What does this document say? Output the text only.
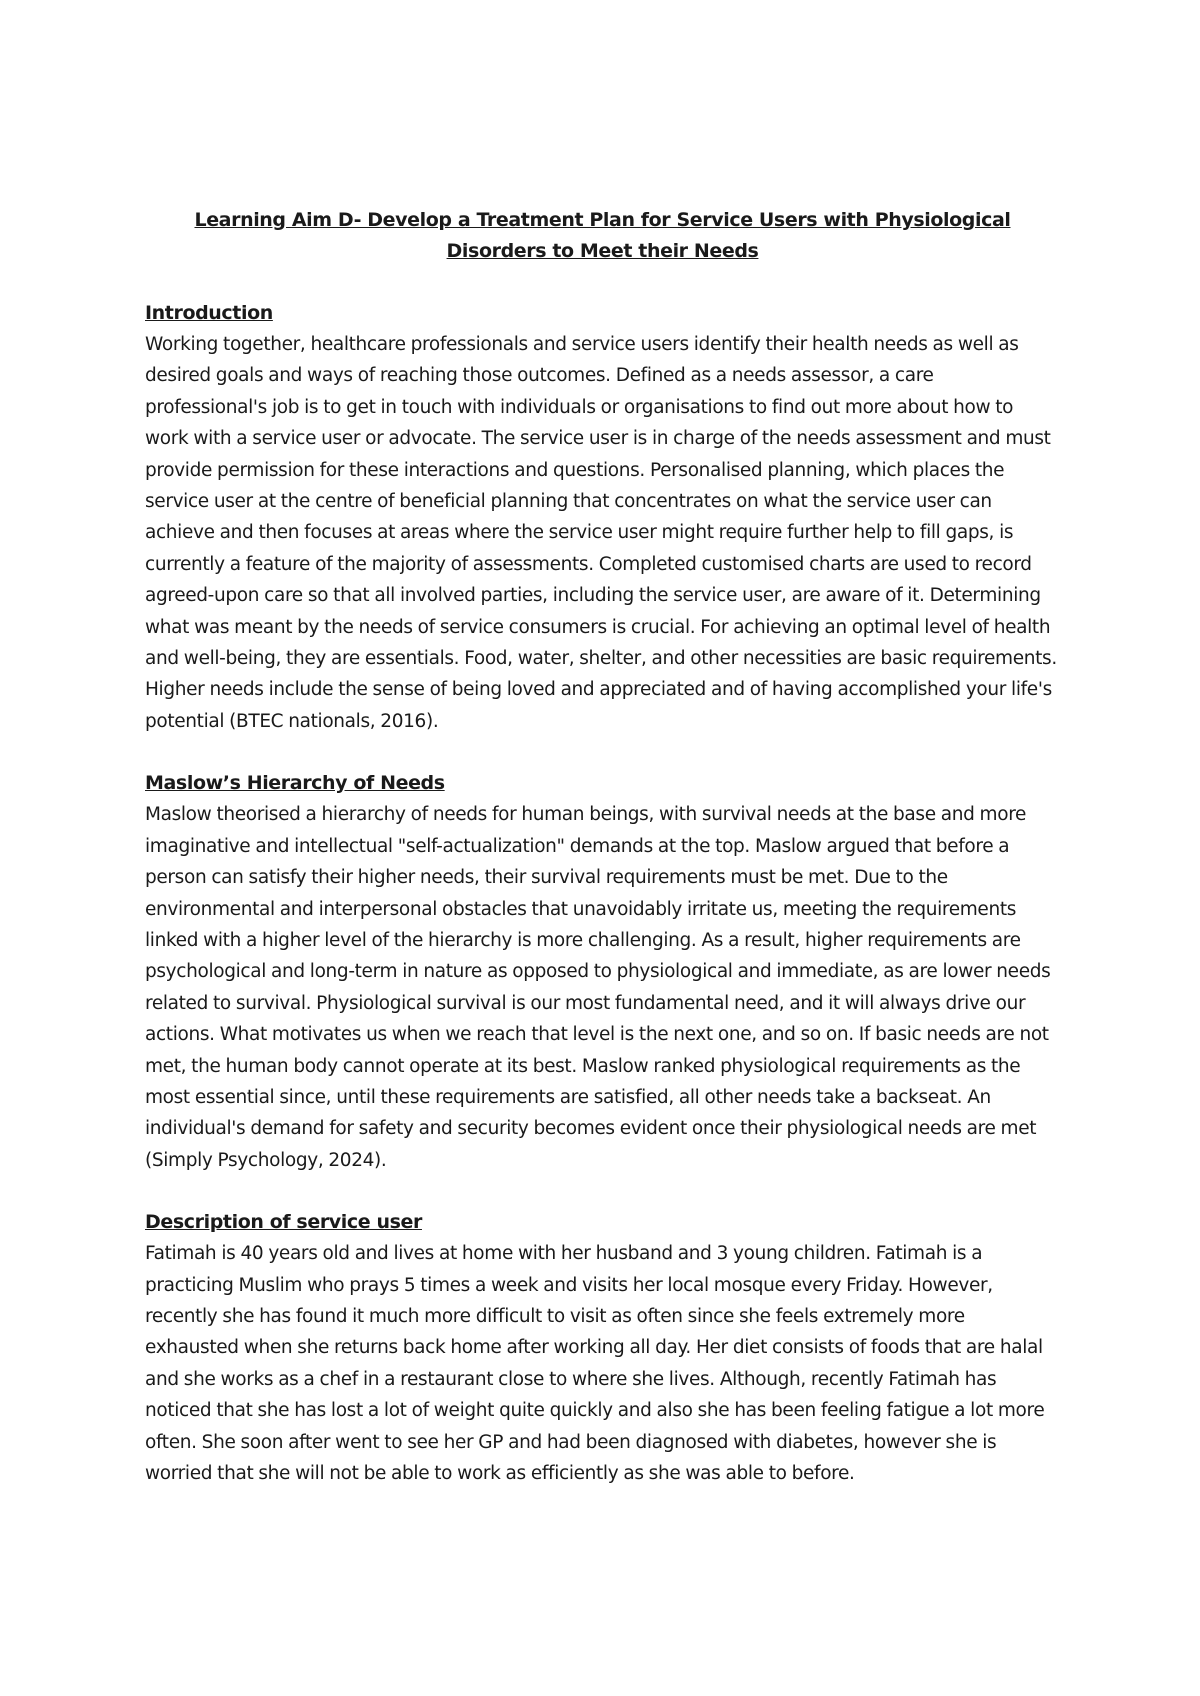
Learning Aim D- Develop a Treatment Plan for Service Users with Physiological Disorders to Meet their Needs
Introduction

Working together, healthcare professionals and service users identify their health needs as well as desired goals and ways of reaching those outcomes. Defined as a needs assessor, a care professional's job is to get in touch with individuals or organisations to find out more about how to work with a service user or advocate. The service user is in charge of the needs assessment and must provide permission for these interactions and questions. Personalised planning, which places the service user at the centre of beneficial planning that concentrates on what the service user can achieve and then focuses at areas where the service user might require further help to fill gaps, is currently a feature of the majority of assessments. Completed customised charts are used to record agreed-upon care so that all involved parties, including the service user, are aware of it. Determining what was meant by the needs of service consumers is crucial. For achieving an optimal level of health and well-being, they are essentials. Food, water, shelter, and other necessities are basic requirements. Higher needs include the sense of being loved and appreciated and of having accomplished your life's potential (BTEC nationals, 2016).

Maslow’s Hierarchy of Needs

Maslow theorised a hierarchy of needs for human beings, with survival needs at the base and more imaginative and intellectual "self-actualization" demands at the top. Maslow argued that before a person can satisfy their higher needs, their survival requirements must be met. Due to the environmental and interpersonal obstacles that unavoidably irritate us, meeting the requirements linked with a higher level of the hierarchy is more challenging. As a result, higher requirements are psychological and long-term in nature as opposed to physiological and immediate, as are lower needs related to survival. Physiological survival is our most fundamental need, and it will always drive our actions. What motivates us when we reach that level is the next one, and so on. If basic needs are not met, the human body cannot operate at its best. Maslow ranked physiological requirements as the most essential since, until these requirements are satisfied, all other needs take a backseat. An individual's demand for safety and security becomes evident once their physiological needs are met (Simply Psychology, 2024).

Description of service user

Fatimah is 40 years old and lives at home with her husband and 3 young children. Fatimah is a practicing Muslim who prays 5 times a week and visits her local mosque every Friday. However, recently she has found it much more difficult to visit as often since she feels extremely more exhausted when she returns back home after working all day. Her diet consists of foods that are halal and she works as a chef in a restaurant close to where she lives. Although, recently Fatimah has noticed that she has lost a lot of weight quite quickly and also she has been feeling fatigue a lot more often. She soon after went to see her GP and had been diagnosed with diabetes, however she is worried that she will not be able to work as efficiently as she was able to before.
